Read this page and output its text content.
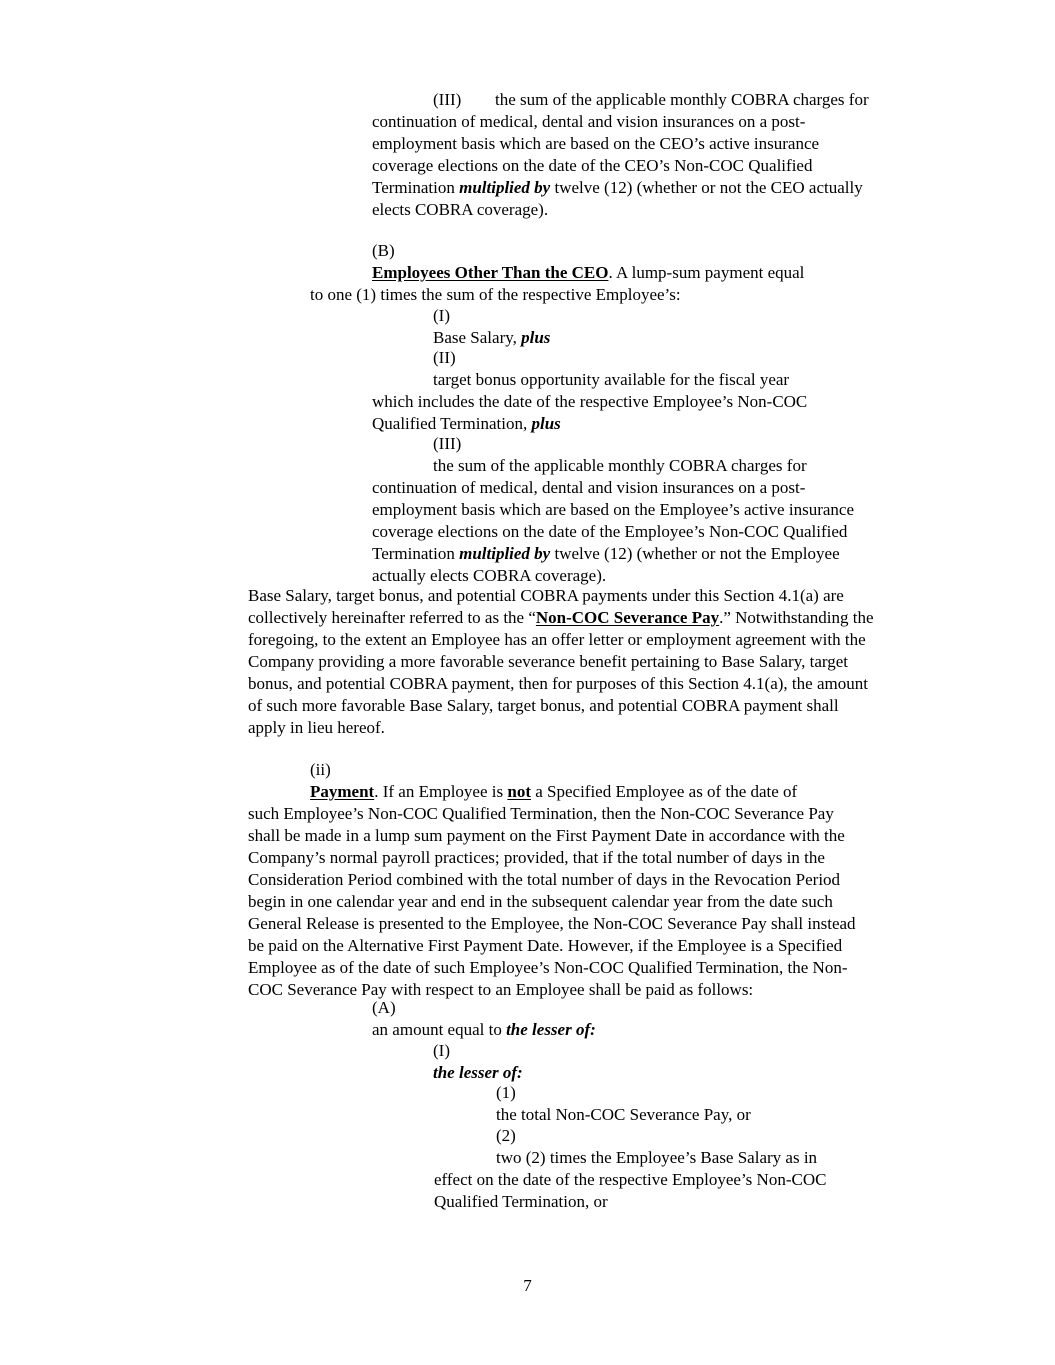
(III) the sum of the applicable monthly COBRA charges for
continuation of medical, dental and vision insurances on a post-
employment basis which are based on the CEO’s active insurance
coverage elections on the date of the CEO’s Non-COC Qualified
Termination multiplied by twelve (12) (whether or not the CEO actually
elects COBRA coverage).
(B)
Employees Other Than the CEO. A lump-sum payment equal
to one (1) times the sum of the respective Employee’s:
(I)
Base Salary, plus
(II)
target bonus opportunity available for the fiscal year
which includes the date of the respective Employee’s Non-COC
Qualified Termination, plus
(III)
the sum of the applicable monthly COBRA charges for
continuation of medical, dental and vision insurances on a post-
employment basis which are based on the Employee’s active insurance
coverage elections on the date of the Employee’s Non-COC Qualified
Termination multiplied by twelve (12) (whether or not the Employee
actually elects COBRA coverage).
Base Salary, target bonus, and potential COBRA payments under this Section 4.1(a) are
collectively hereinafter referred to as the “Non-COC Severance Pay.” Notwithstanding the
foregoing, to the extent an Employee has an offer letter or employment agreement with the
Company providing a more favorable severance benefit pertaining to Base Salary, target
bonus, and potential COBRA payment, then for purposes of this Section 4.1(a), the amount
of such more favorable Base Salary, target bonus, and potential COBRA payment shall
apply in lieu hereof.
(ii)
Payment. If an Employee is not a Specified Employee as of the date of
such Employee’s Non-COC Qualified Termination, then the Non-COC Severance Pay
shall be made in a lump sum payment on the First Payment Date in accordance with the
Company’s normal payroll practices; provided, that if the total number of days in the
Consideration Period combined with the total number of days in the Revocation Period
begin in one calendar year and end in the subsequent calendar year from the date such
General Release is presented to the Employee, the Non-COC Severance Pay shall instead
be paid on the Alternative First Payment Date. However, if the Employee is a Specified
Employee as of the date of such Employee’s Non-COC Qualified Termination, the Non-
COC Severance Pay with respect to an Employee shall be paid as follows:
(A)
an amount equal to the lesser of:
(I)
the lesser of:
(1)
the total Non-COC Severance Pay, or
(2)
two (2) times the Employee’s Base Salary as in
effect on the date of the respective Employee’s Non-COC
Qualified Termination, or
7
